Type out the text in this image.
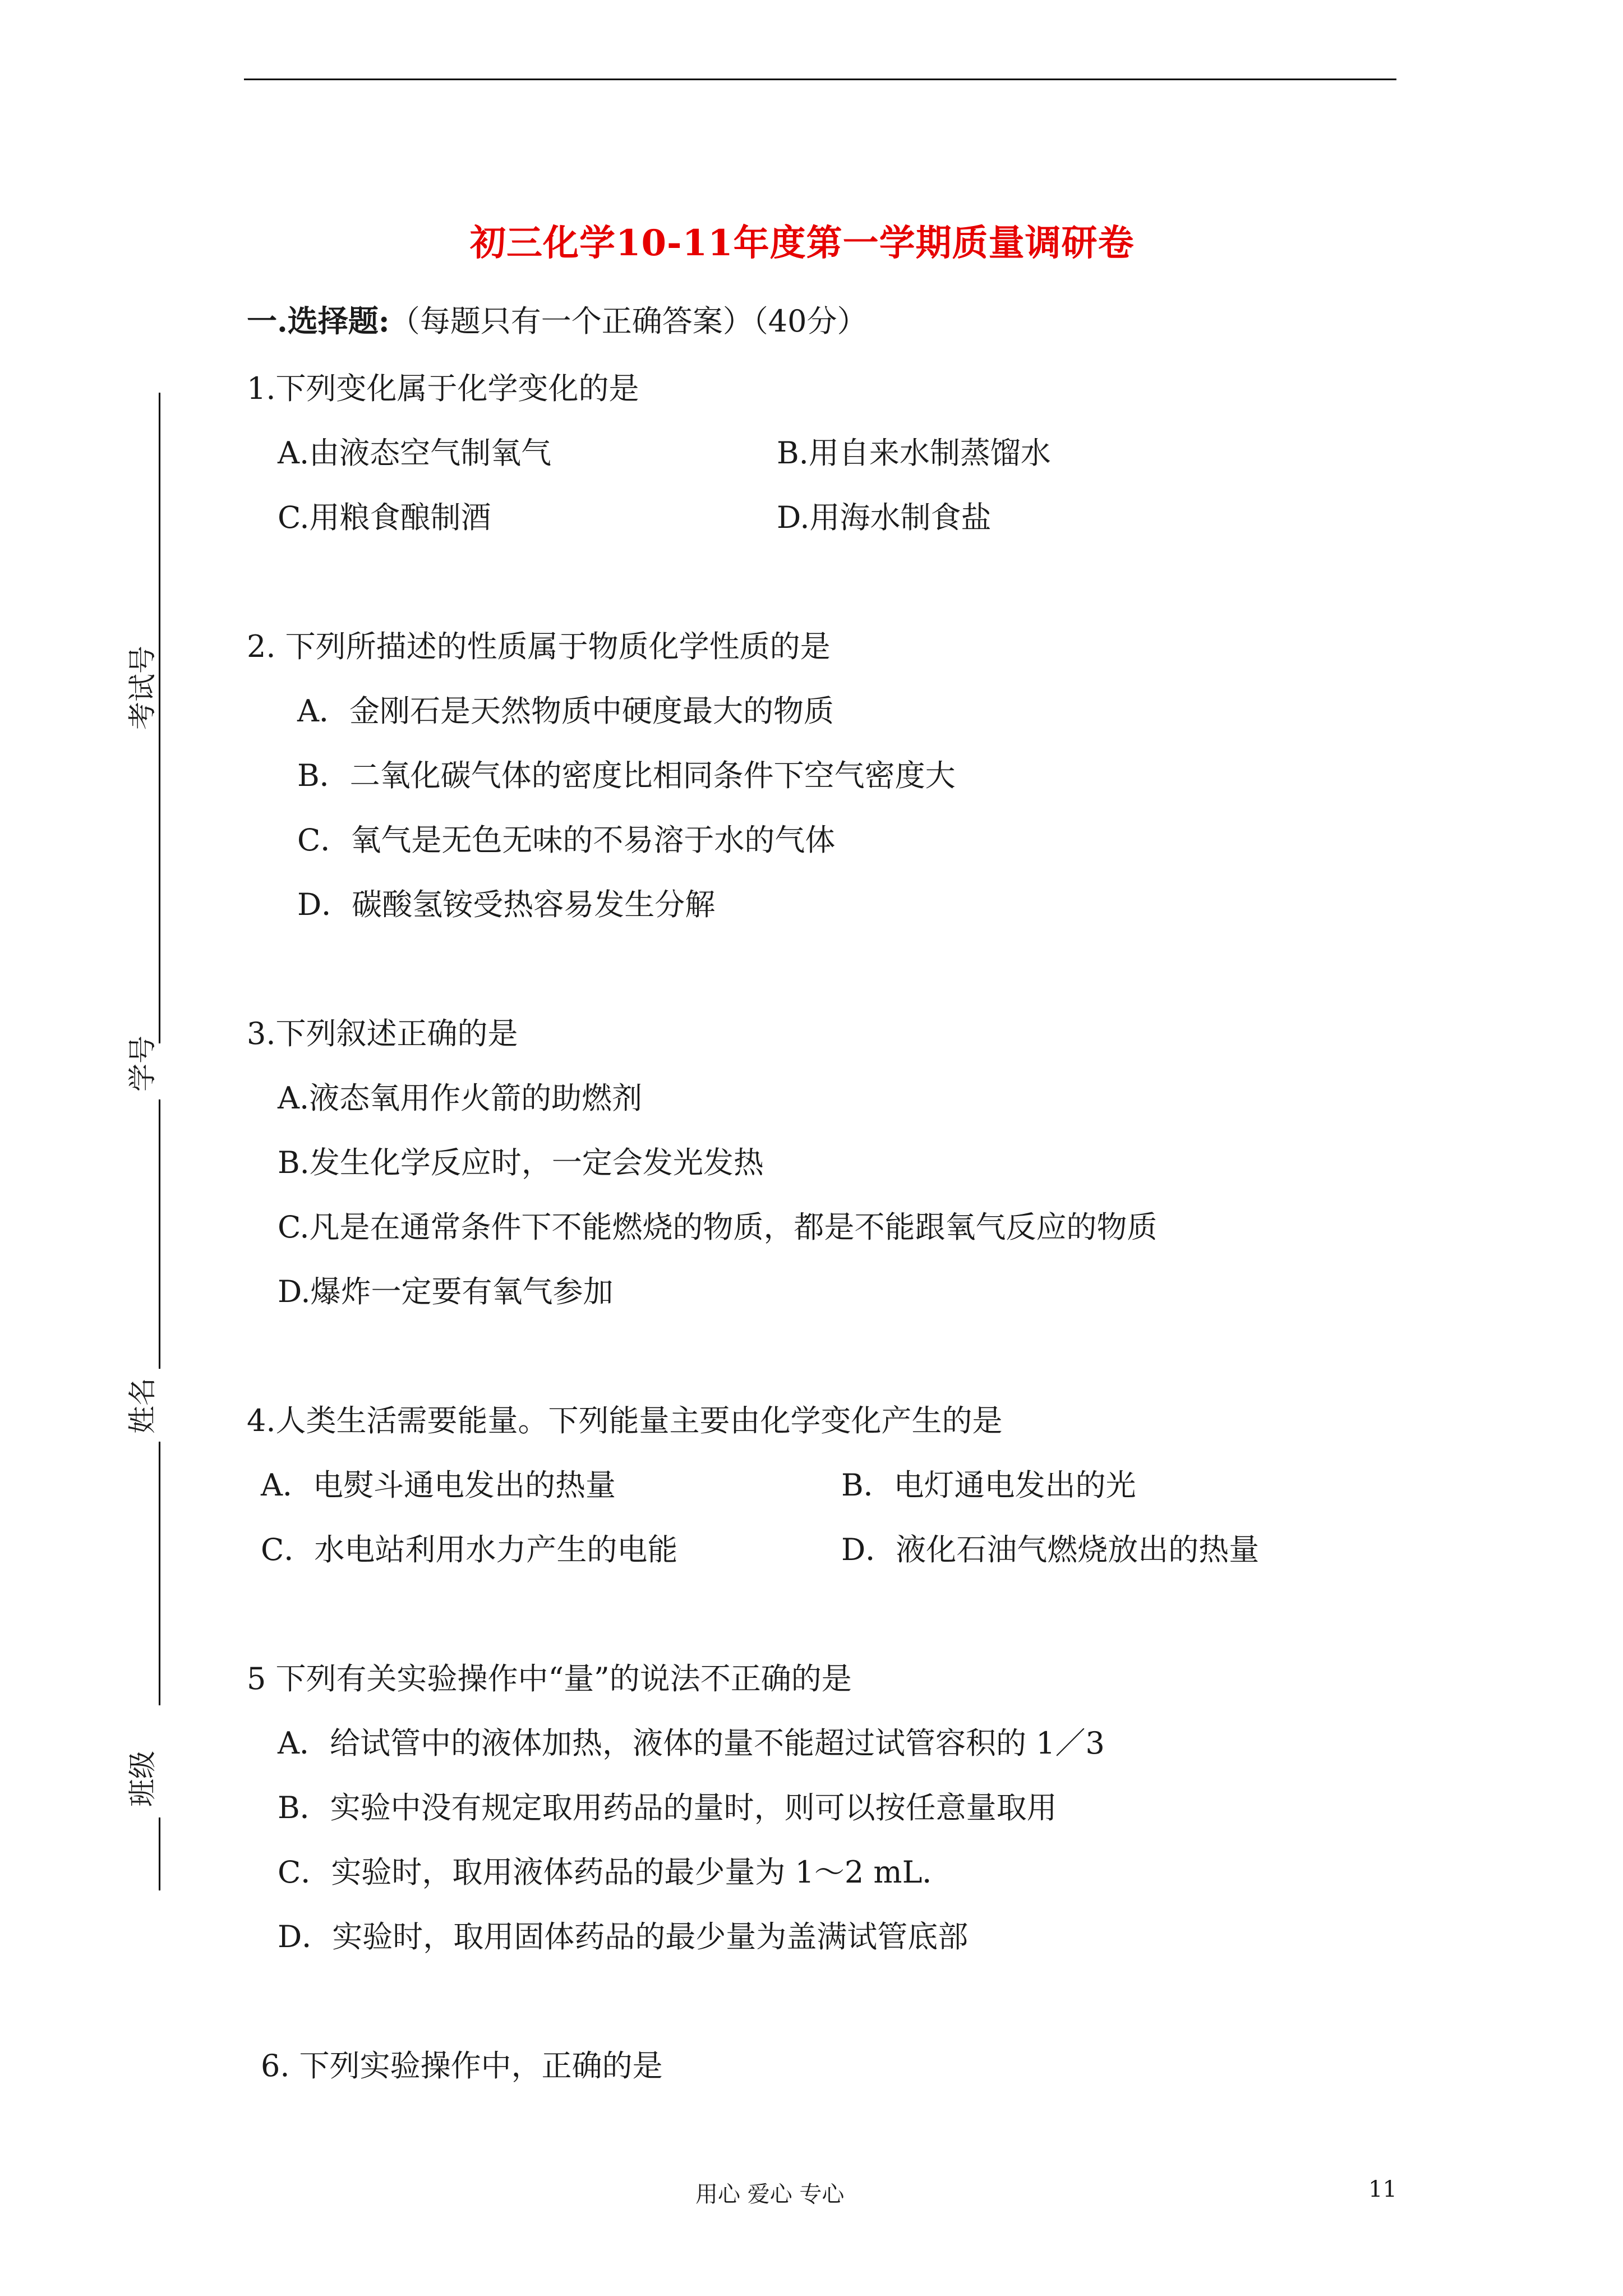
考试号
学号
姓名
班级
初三化学10-11年度第一学期质量调研卷
一.选择题:（每题只有一个正确答案）（40分）
1.下列变化属于化学变化的是
A.由液态空气制氧气	B.用自来水制蒸馏水
C.用粮食酿制酒	D.用海水制食盐
2. 下列所描述的性质属于物质化学性质的是
A．金刚石是天然物质中硬度最大的物质
B．二氧化碳气体的密度比相同条件下空气密度大
C．氧气是无色无味的不易溶于水的气体
D．碳酸氢铵受热容易发生分解
3.下列叙述正确的是
A.液态氧用作火箭的助燃剂
B.发生化学反应时，一定会发光发热
C.凡是在通常条件下不能燃烧的物质，都是不能跟氧气反应的物质
D.爆炸一定要有氧气参加
4.人类生活需要能量。下列能量主要由化学变化产生的是
A．电熨斗通电发出的热量	B．电灯通电发出的光
C．水电站利用水力产生的电能	D．液化石油气燃烧放出的热量
5 下列有关实验操作中“量”的说法不正确的是
A．给试管中的液体加热，液体的量不能超过试管容积的 1／3
B．实验中没有规定取用药品的量时，则可以按任意量取用
C．实验时，取用液体药品的最少量为 1～2 mL．
D．实验时，取用固体药品的最少量为盖满试管底部
6. 下列实验操作中，正确的是
用心 爱心 专心	11
